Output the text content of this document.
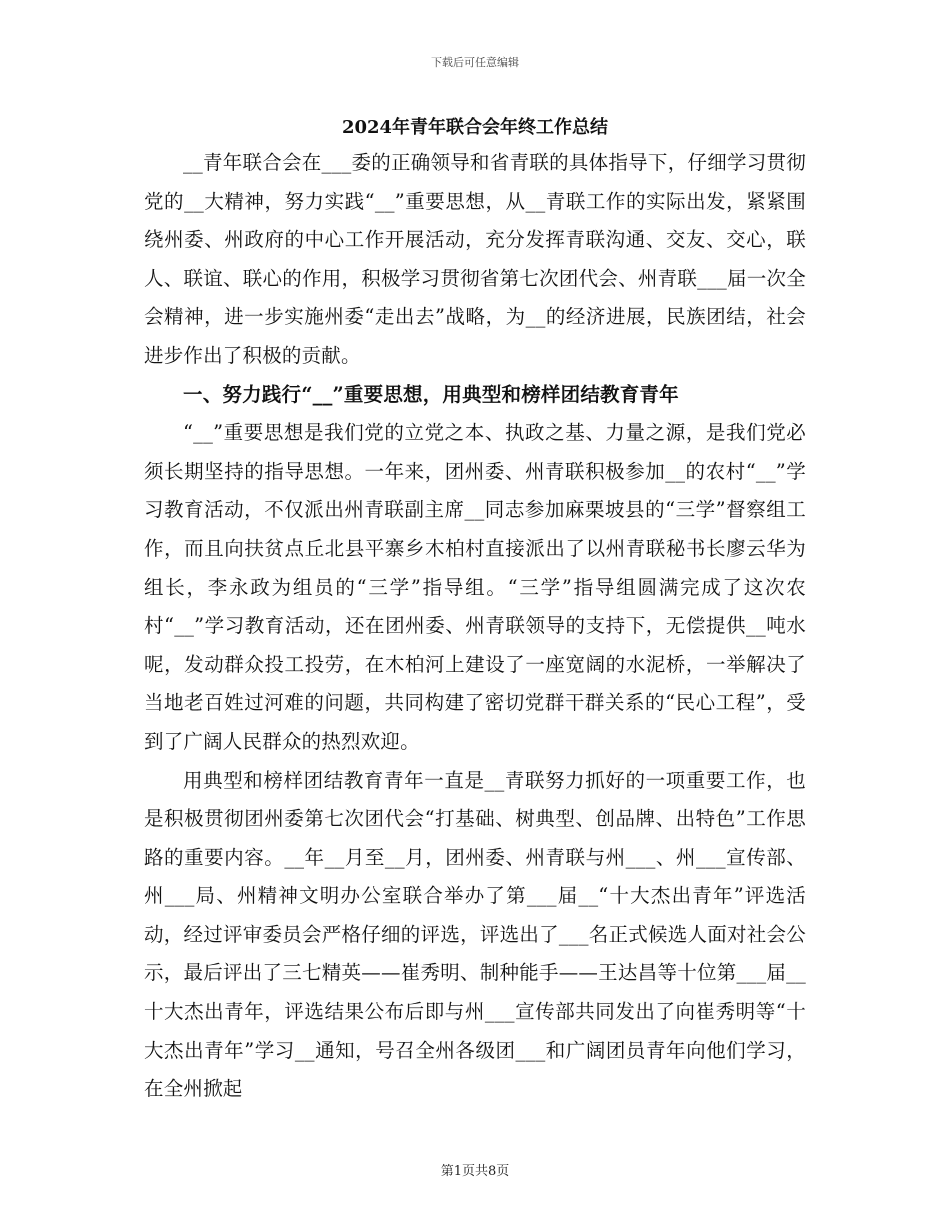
下载后可任意编辑
2024年青年联合会年终工作总结

__青年联合会在___委的正确领导和省青联的具体指导下，仔细学习贯彻党的__大精神，努力实践“__”重要思想，从__青联工作的实际出发，紧紧围绕州委、州政府的中心工作开展活动，充分发挥青联沟通、交友、交心，联人、联谊、联心的作用，积极学习贯彻省第七次团代会、州青联___届一次全会精神，进一步实施州委“走出去”战略，为__的经济进展，民族团结，社会进步作出了积极的贡献。

一、努力践行“__”重要思想，用典型和榜样团结教育青年

“__”重要思想是我们党的立党之本、执政之基、力量之源，是我们党必须长期坚持的指导思想。一年来，团州委、州青联积极参加__的农村“__”学习教育活动，不仅派出州青联副主席__同志参加麻栗坡县的“三学”督察组工作，而且向扶贫点丘北县平寨乡木柏村直接派出了以州青联秘书长廖云华为组长，李永政为组员的“三学”指导组。“三学”指导组圆满完成了这次农村“__”学习教育活动，还在团州委、州青联领导的支持下，无偿提供__吨水呢，发动群众投工投劳，在木柏河上建设了一座宽阔的水泥桥，一举解决了当地老百姓过河难的问题，共同构建了密切党群干群关系的“民心工程”，受到了广阔人民群众的热烈欢迎。

用典型和榜样团结教育青年一直是__青联努力抓好的一项重要工作，也是积极贯彻团州委第七次团代会“打基础、树典型、创品牌、出特色”工作思路的重要内容。__年__月至__月，团州委、州青联与州___、州___宣传部、州___局、州精神文明办公室联合举办了第___届__“十大杰出青年”评选活动，经过评审委员会严格仔细的评选，评选出了___名正式候选人面对社会公示，最后评出了三七精英——崔秀明、制种能手——王达昌等十位第___届__十大杰出青年，评选结果公布后即与州___宣传部共同发出了向崔秀明等“十大杰出青年”学习__通知，号召全州各级团___和广阔团员青年向他们学习，在全州掀起

第1页共8页
